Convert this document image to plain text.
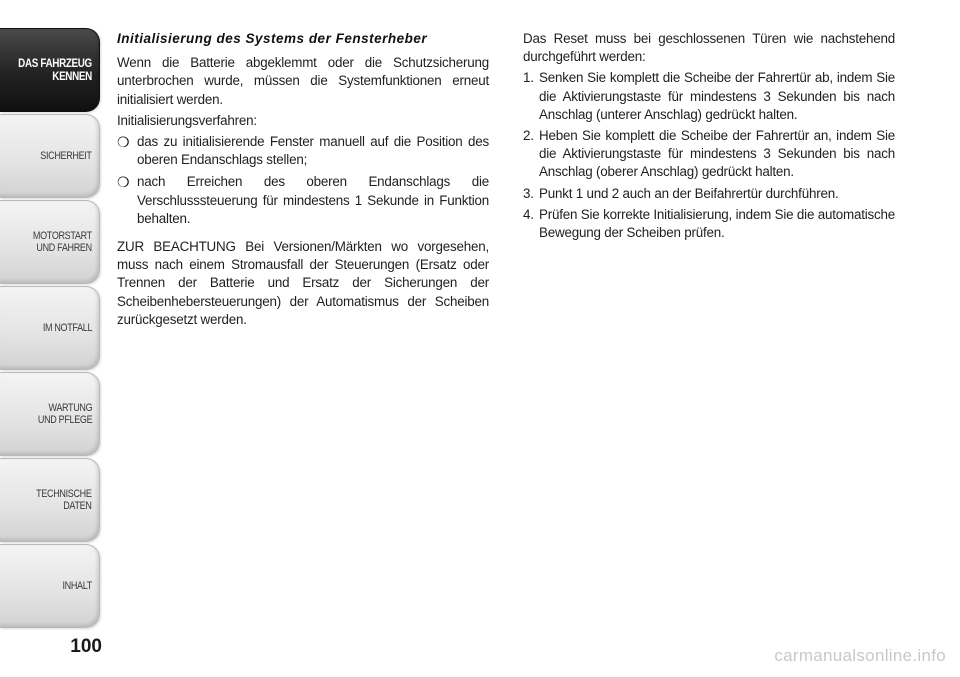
DAS FAHRZEUG
KENNEN
SICHERHEIT
MOTORSTART
UND FAHREN
IM NOTFALL
WARTUNG
UND PFLEGE
TECHNISCHE
DATEN
INHALT
100
Initialisierung des Systems der Fensterheber

Wenn die Batterie abgeklemmt oder die Schutzsicherung unterbrochen wurde, müssen die Systemfunktionen erneut initialisiert werden.

Initialisierungsverfahren:

❍ das zu initialisierende Fenster manuell auf die Position des oberen Endanschlags stellen;
❍ nach Erreichen des oberen Endanschlags die Verschlusssteuerung für mindestens 1 Sekunde in Funktion behalten.

ZUR BEACHTUNG Bei Versionen/Märkten wo vorgesehen, muss nach einem Stromausfall der Steuerungen (Ersatz oder Trennen der Batterie und Ersatz der Sicherungen der Scheibenhebersteuerungen) der Automatismus der Scheiben zurückgesetzt werden.

Das Reset muss bei geschlossenen Türen wie nachstehend durchgeführt werden:

1. Senken Sie komplett die Scheibe der Fahrertür ab, indem Sie die Aktivierungstaste für mindestens 3 Sekunden bis nach Anschlag (unterer Anschlag) gedrückt halten.
2. Heben Sie komplett die Scheibe der Fahrertür an, indem Sie die Aktivierungstaste für mindestens 3 Sekunden bis nach Anschlag (oberer Anschlag) gedrückt halten.
3. Punkt 1 und 2 auch an der Beifahrertür durchführen.
4. Prüfen Sie korrekte Initialisierung, indem Sie die automatische Bewegung der Scheiben prüfen.
carmanualsonline.info
